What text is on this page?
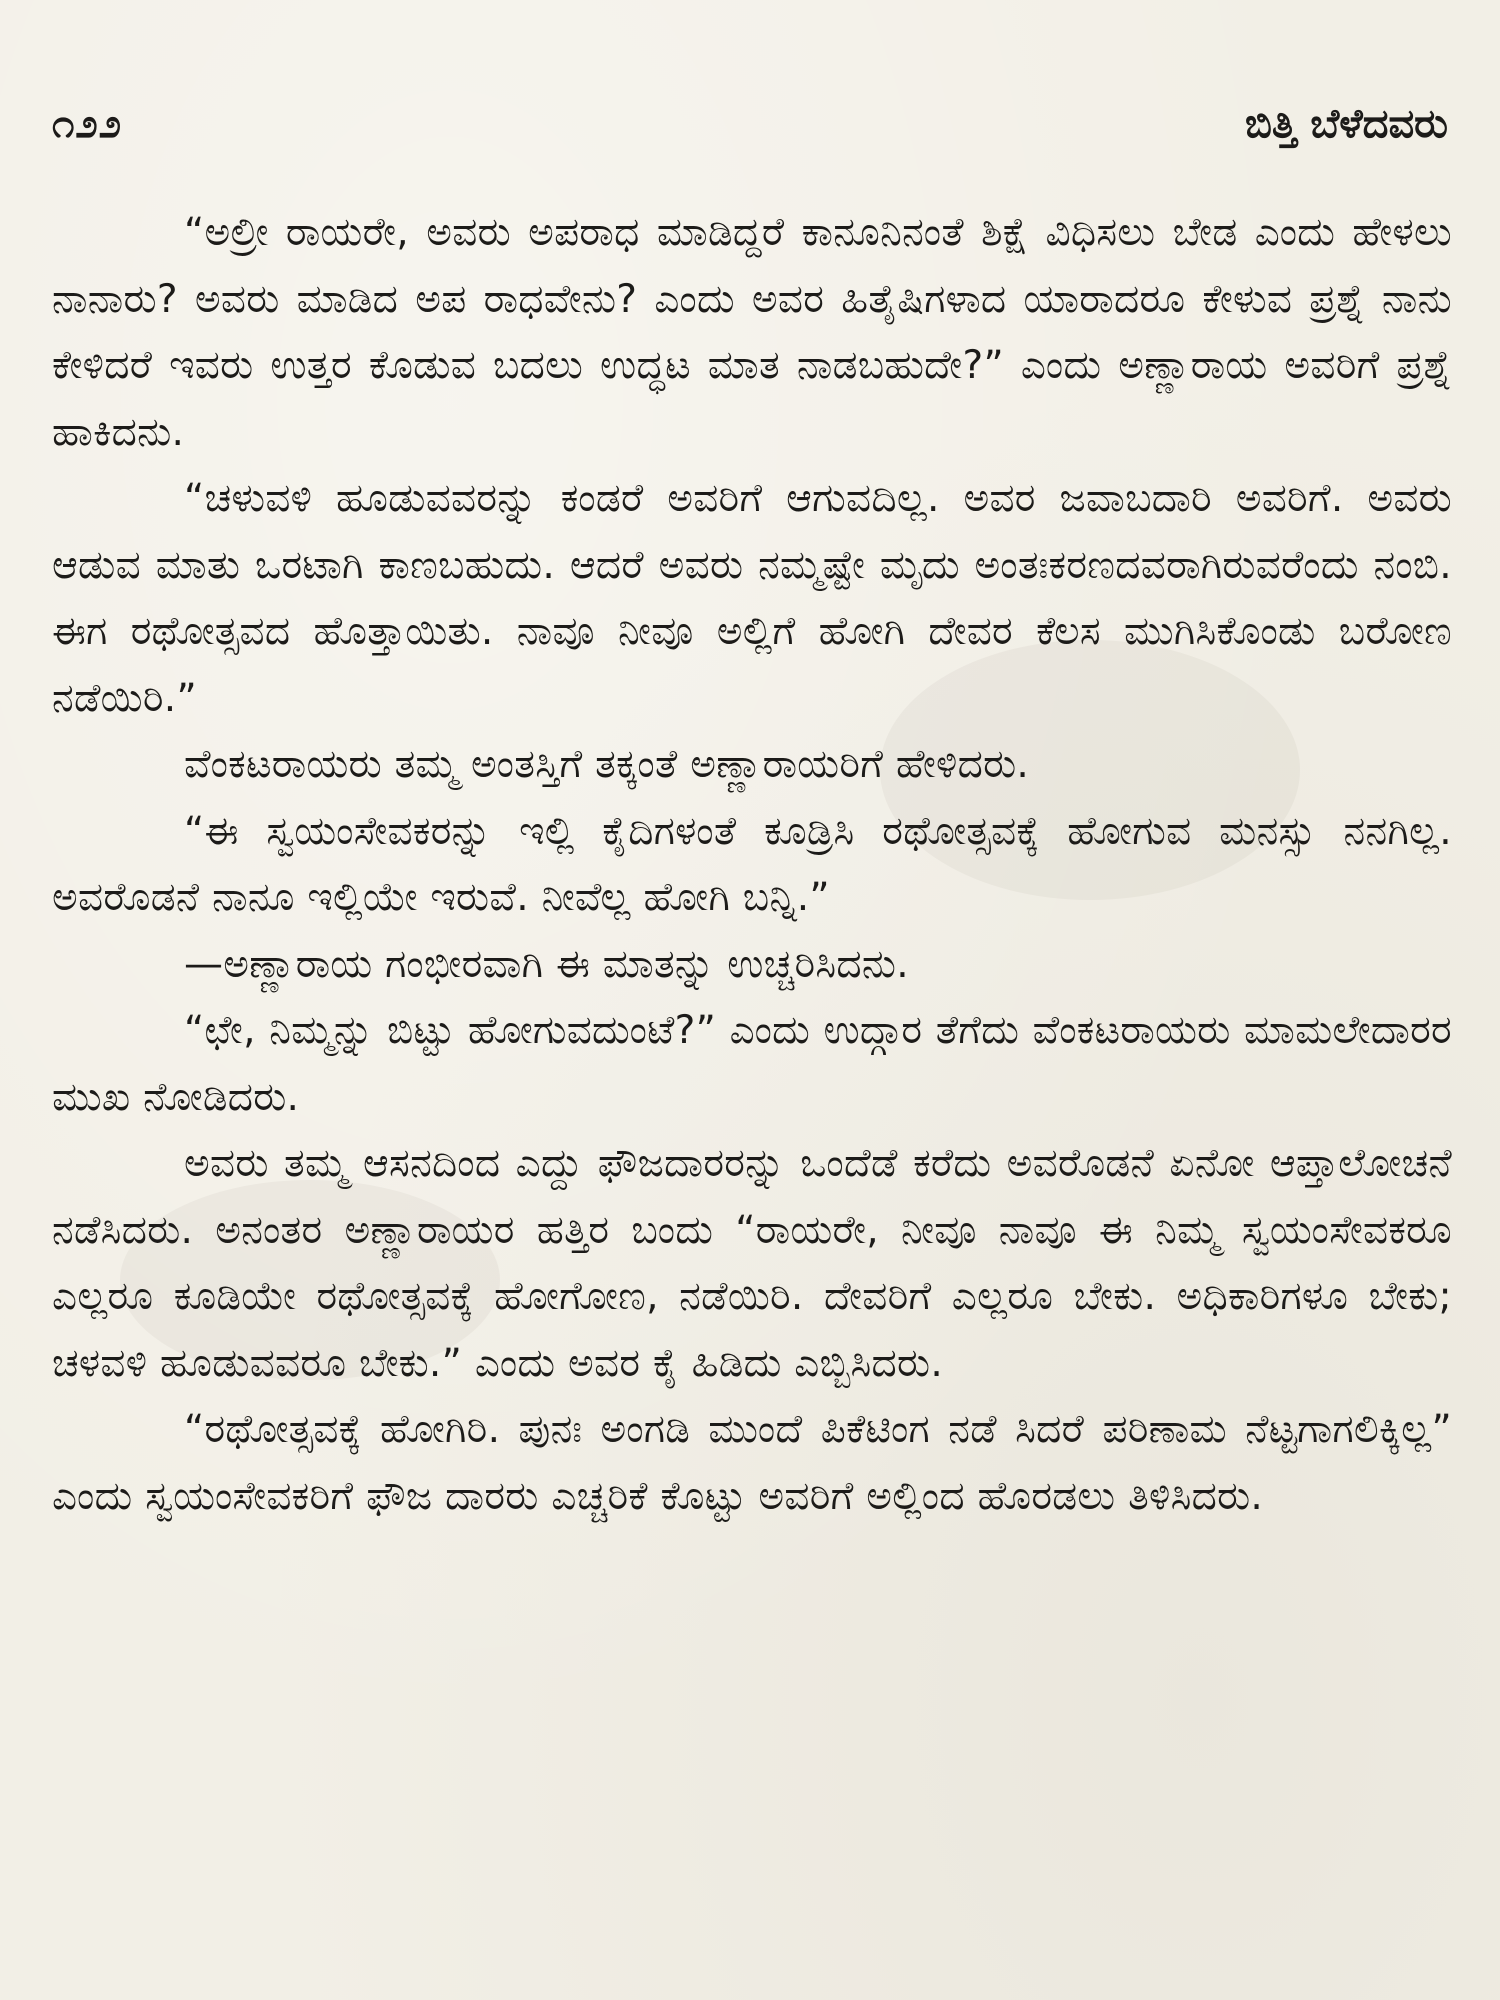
೧೨೨	ಬಿತ್ತಿ ಬೆಳೆದವರು

“ಅಲ್ರೀ ರಾಯರೇ, ಅವರು ಅಪರಾಧ ಮಾಡಿದ್ದರೆ ಕಾನೂನಿನಂತೆ ಶಿಕ್ಷೆ ವಿಧಿಸಲು ಬೇಡ ಎಂದು ಹೇಳಲು ನಾನಾರು? ಅವರು ಮಾಡಿದ ಅಪ ರಾಧವೇನು? ಎಂದು ಅವರ ಹಿತೈಷಿಗಳಾದ ಯಾರಾದರೂ ಕೇಳುವ ಪ್ರಶ್ನೆ ನಾನು ಕೇಳಿದರೆ ಇವರು ಉತ್ತರ ಕೊಡುವ ಬದಲು ಉದ್ಧಟ ಮಾತ ನಾಡಬಹುದೇ?” ಎಂದು ಅಣ್ಣಾರಾಯ ಅವರಿಗೆ ಪ್ರಶ್ನೆ ಹಾಕಿದನು.

“ಚಳುವಳಿ ಹೂಡುವವರನ್ನು ಕಂಡರೆ ಅವರಿಗೆ ಆಗುವದಿಲ್ಲ. ಅವರ ಜವಾಬದಾರಿ ಅವರಿಗೆ. ಅವರು ಆಡುವ ಮಾತು ಒರಟಾಗಿ ಕಾಣಬಹುದು. ಆದರೆ ಅವರು ನಮ್ಮಷ್ಟೇ ಮೃದು ಅಂತಃಕರಣದವರಾಗಿರುವರೆಂದು ನಂಬಿ. ಈಗ ರಥೋತ್ಸವದ ಹೊತ್ತಾಯಿತು. ನಾವೂ ನೀವೂ ಅಲ್ಲಿಗೆ ಹೋಗಿ ದೇವರ ಕೆಲಸ ಮುಗಿಸಿಕೊಂಡು ಬರೋಣ ನಡೆಯಿರಿ.”

ವೆಂಕಟರಾಯರು ತಮ್ಮ ಅಂತಸ್ತಿಗೆ ತಕ್ಕಂತೆ ಅಣ್ಣಾರಾಯರಿಗೆ ಹೇಳಿದರು.

“ಈ ಸ್ವಯಂಸೇವಕರನ್ನು ಇಲ್ಲಿ ಕೈದಿಗಳಂತೆ ಕೂಡ್ರಿಸಿ ರಥೋತ್ಸವಕ್ಕೆ ಹೋಗುವ ಮನಸ್ಸು ನನಗಿಲ್ಲ. ಅವರೊಡನೆ ನಾನೂ ಇಲ್ಲಿಯೇ ಇರುವೆ. ನೀವೆಲ್ಲ ಹೋಗಿ ಬನ್ನಿ.”

—ಅಣ್ಣಾರಾಯ ಗಂಭೀರವಾಗಿ ಈ ಮಾತನ್ನು ಉಚ್ಚರಿಸಿದನು.

“ಛೇ, ನಿಮ್ಮನ್ನು ಬಿಟ್ಟು ಹೋಗುವದುಂಟೆ?” ಎಂದು ಉದ್ಗಾರ ತೆಗೆದು ವೆಂಕಟರಾಯರು ಮಾಮಲೇದಾರರ ಮುಖ ನೋಡಿದರು.

ಅವರು ತಮ್ಮ ಆಸನದಿಂದ ಎದ್ದು ಫೌಜದಾರರನ್ನು ಒಂದೆಡೆ ಕರೆದು ಅವರೊಡನೆ ಏನೋ ಆಪ್ತಾಲೋಚನೆ ನಡೆಸಿದರು. ಅನಂತರ ಅಣ್ಣಾರಾಯರ ಹತ್ತಿರ ಬಂದು “ರಾಯರೇ, ನೀವೂ ನಾವೂ ಈ ನಿಮ್ಮ ಸ್ವಯಂಸೇವಕರೂ ಎಲ್ಲರೂ ಕೂಡಿಯೇ ರಥೋತ್ಸವಕ್ಕೆ ಹೋಗೋಣ, ನಡೆಯಿರಿ. ದೇವರಿಗೆ ಎಲ್ಲರೂ ಬೇಕು. ಅಧಿಕಾರಿಗಳೂ ಬೇಕು; ಚಳವಳಿ ಹೂಡುವವರೂ ಬೇಕು.” ಎಂದು ಅವರ ಕೈ ಹಿಡಿದು ಎಬ್ಬಿಸಿದರು.

“ರಥೋತ್ಸವಕ್ಕೆ ಹೋಗಿರಿ. ಪುನಃ ಅಂಗಡಿ ಮುಂದೆ ಪಿಕೆಟಿಂಗ ನಡೆ ಸಿದರೆ ಪರಿಣಾಮ ನೆಟ್ಟಗಾಗಲಿಕ್ಕಿಲ್ಲ” ಎಂದು ಸ್ವಯಂಸೇವಕರಿಗೆ ಫೌಜ ದಾರರು ಎಚ್ಚರಿಕೆ ಕೊಟ್ಟು ಅವರಿಗೆ ಅಲ್ಲಿಂದ ಹೊರಡಲು ತಿಳಿಸಿದರು.
